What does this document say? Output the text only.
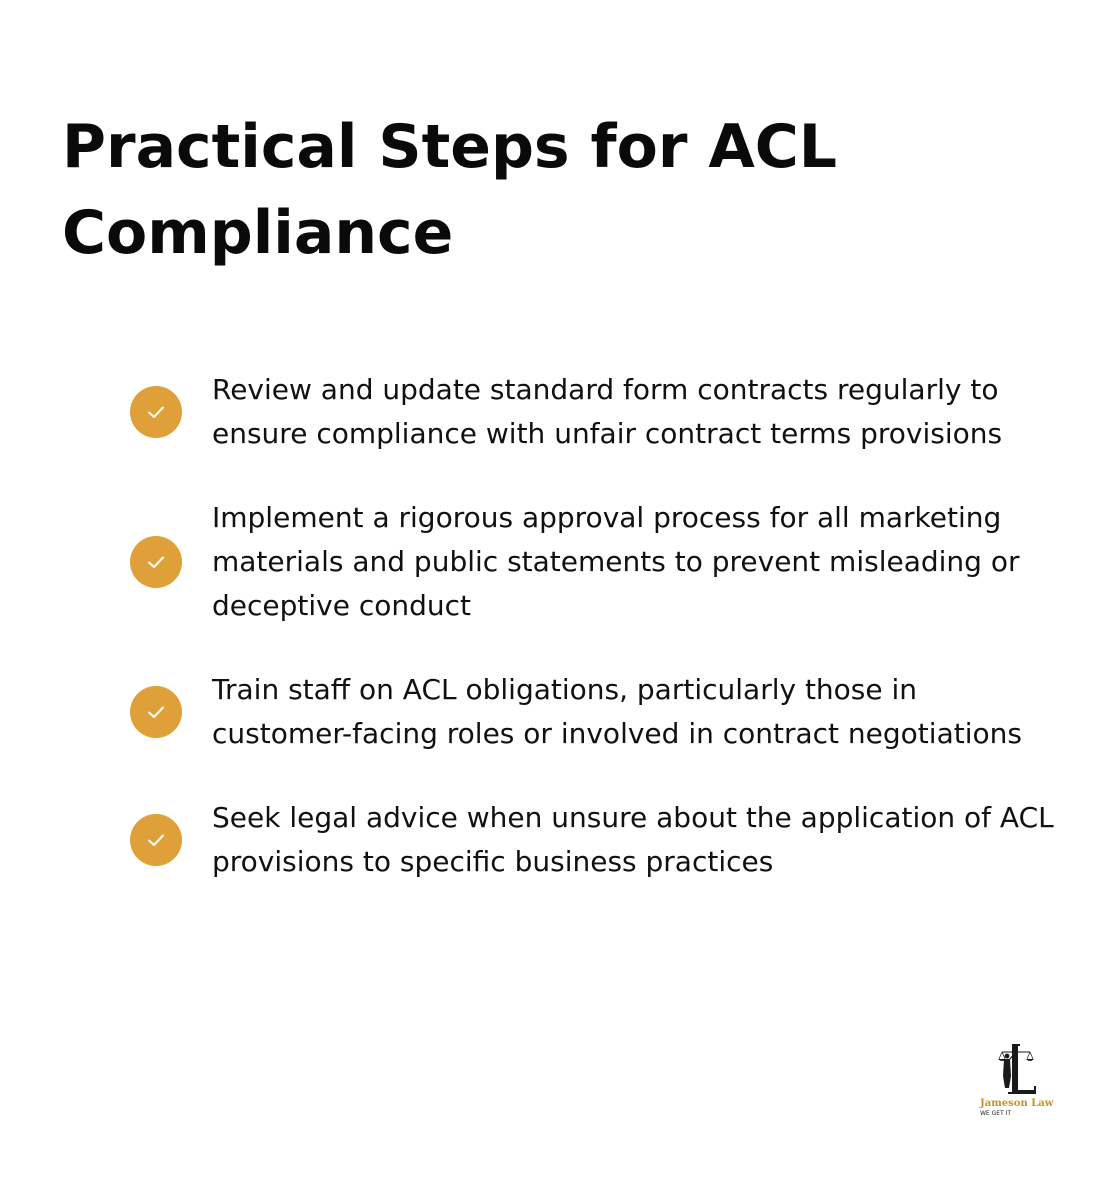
Practical Steps for ACL Compliance
Review and update standard form contracts regularly to ensure compliance with unfair contract terms provisions
Implement a rigorous approval process for all marketing materials and public statements to prevent misleading or deceptive conduct
Train staff on ACL obligations, particularly those in customer-facing roles or involved in contract negotiations
Seek legal advice when unsure about the application of ACL provisions to specific business practices
Jameson Law
WE GET IT
